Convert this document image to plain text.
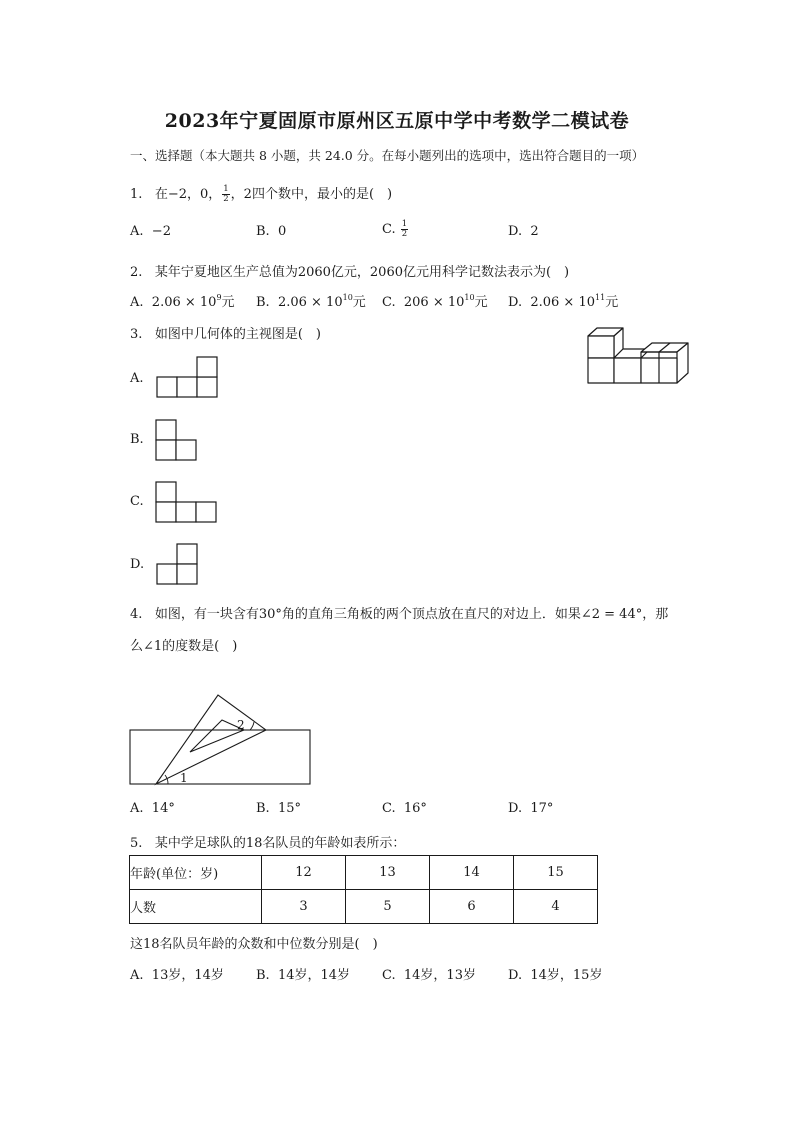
2023年宁夏固原市原州区五原中学中考数学二模试卷
一、选择题（本大题共 8 小题，共 24.0 分。在每小题列出的选项中，选出符合题目的一项）
1. 在−2，0， $\frac{1}{2}$ ，2四个数中，最小的是(　)
A. −2	B. 0	C. $\frac{1}{2}$	D. 2
2. 某年宁夏地区生产总值为2060亿元，2060亿元用科学记数法表示为(　)
A. $2.06 \times 10^9$元 B. $2.06 \times 10^{10}$元 C. $206 \times 10^{10}$元 D. $2.06 \times 10^{11}$元
3. 如图中几何体的主视图是(　)
A.
B.
C.
D.
4. 如图，有一块含有30°角的直角三角板的两个顶点放在直尺的对边上．如果∠2 = 44°，那
么∠1的度数是(　)
2
1
A. 14°	B. 15°	C. 16°	D. 17°
5. 某中学足球队的18名队员的年龄如表所示：
年龄(单位：岁)	12	13	14	15
人数	3	5	6	4
这18名队员年龄的众数和中位数分别是(　)
A. 13岁，14岁 B. 14岁，14岁 C. 14岁，13岁 D. 14岁，15岁
